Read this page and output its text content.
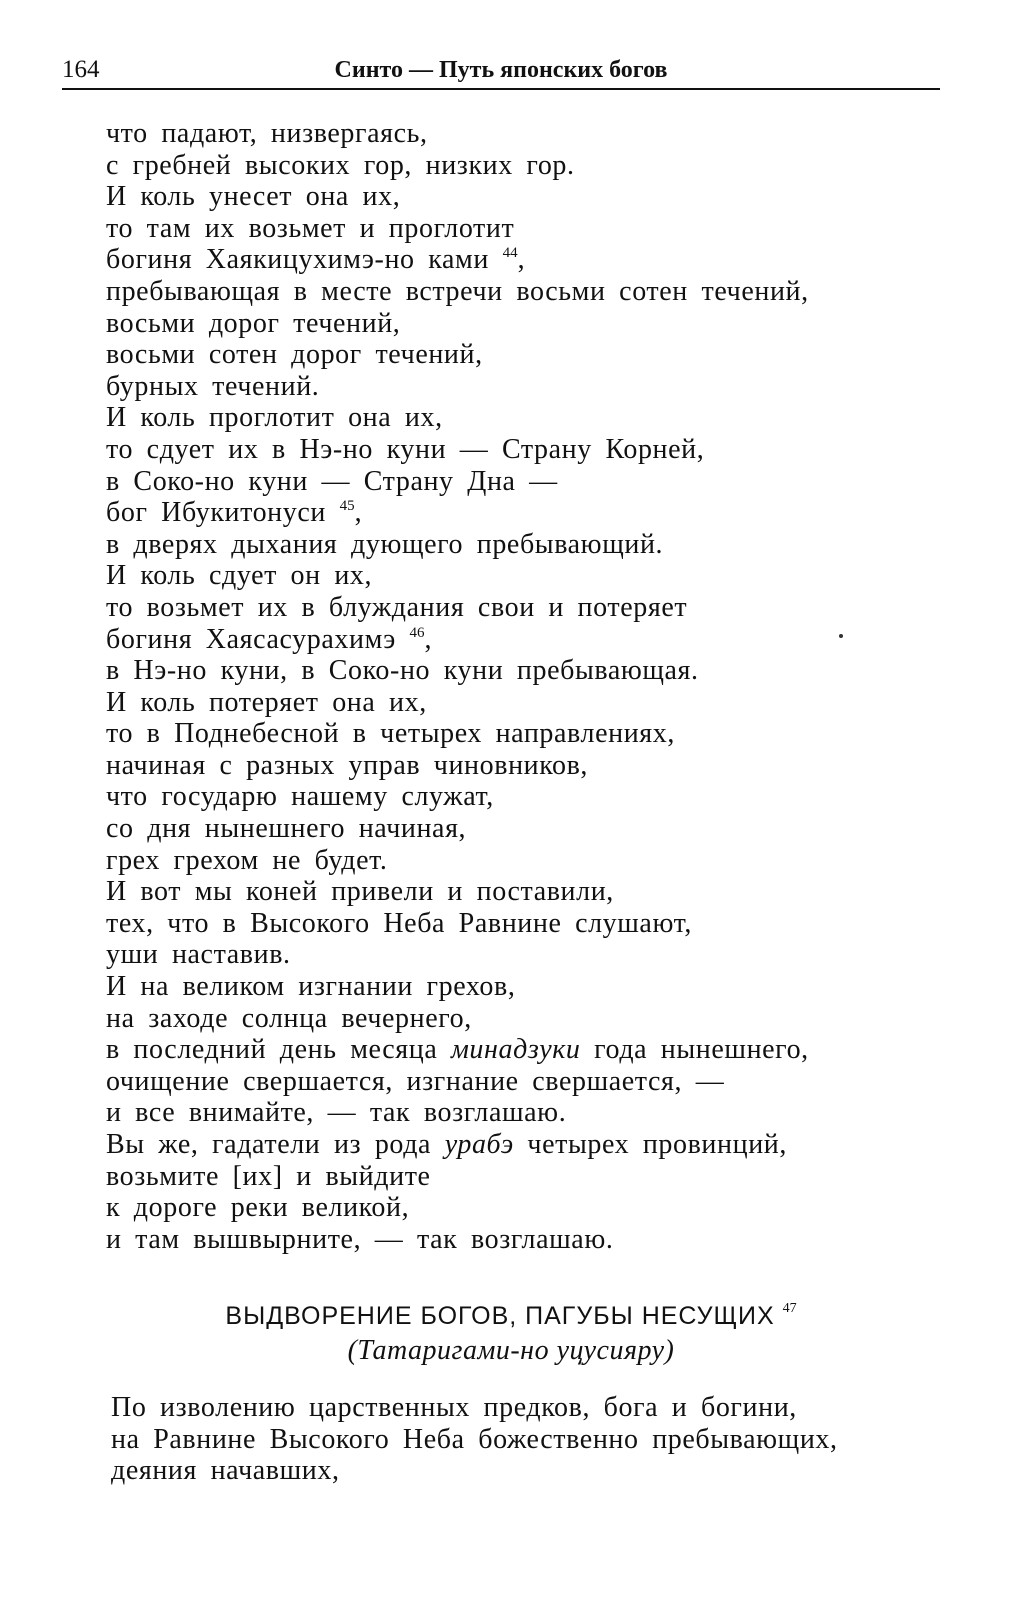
164	Синто — Путь японских богов
что падают, низвергаясь,
с гребней высоких гор, низких гор.
И коль унесет она их,
то там их возьмет и проглотит
богиня Хаякицухимэ-но ками $^{44}$,
пребывающая в месте встречи восьми сотен течений,
восьми дорог течений,
восьми сотен дорог течений,
бурных течений.
И коль проглотит она их,
то сдует их в Нэ-но куни — Страну Корней,
в Соко-но куни — Страну Дна —
бог Ибукитонуси $^{45}$,
в дверях дыхания дующего пребывающий.
И коль сдует он их,
то возьмет их в блуждания свои и потеряет
богиня Хаясасурахимэ $^{46}$,
в Нэ-но куни, в Соко-но куни пребывающая.
И коль потеряет она их,
то в Поднебесной в четырех направлениях,
начиная с разных управ чиновников,
что государю нашему служат,
со дня нынешнего начиная,
грех грехом не будет.
И вот мы коней привели и поставили,
тех, что в Высокого Неба Равнине слушают,
уши наставив.
И на великом изгнании грехов,
на заходе солнца вечернего,
в последний день месяца минадзуки года нынешнего,
очищение свершается, изгнание свершается, —
и все внимайте, — так возглашаю.
Вы же, гадатели из рода урабэ четырех провинций,
возьмите [их] и выйдите
к дороге реки великой,
и там вышвырните, — так возглашаю.
ВЫДВОРЕНИЕ БОГОВ, ПАГУБЫ НЕСУЩИХ $^{47}$
(Татаригами-но уцусияру)
По изволению царственных предков, бога и богини,
на Равнине Высокого Неба божественно пребывающих,
деяния начавших,
